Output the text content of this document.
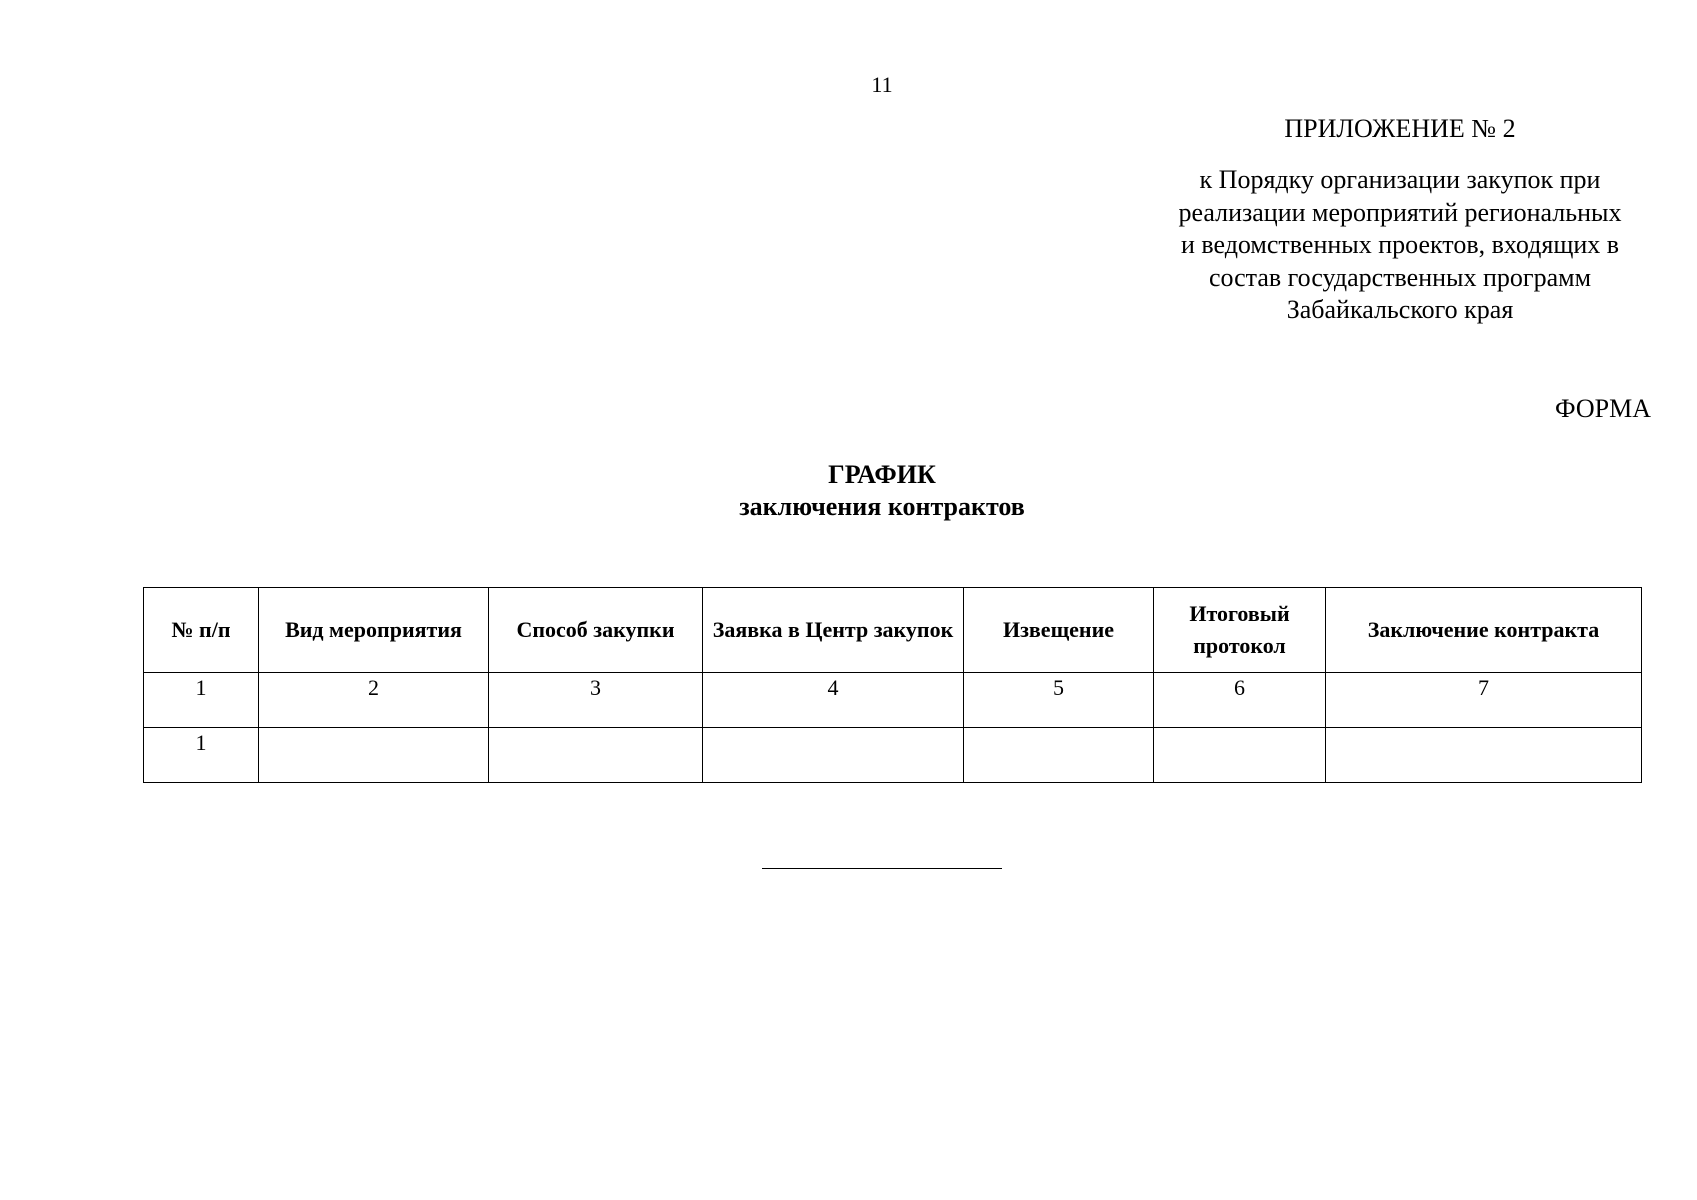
11
ПРИЛОЖЕНИЕ № 2
к Порядку организации закупок при
реализации мероприятий региональных
и ведомственных проектов, входящих в
состав государственных программ
Забайкальского края
ФОРМА
ГРАФИК
заключения контрактов
№ п/п	Вид мероприятия	Способ закупки	Заявка в Центр закупок	Извещение	Итоговый протокол	Заключение контракта
1	2	3	4	5	6	7
1						
